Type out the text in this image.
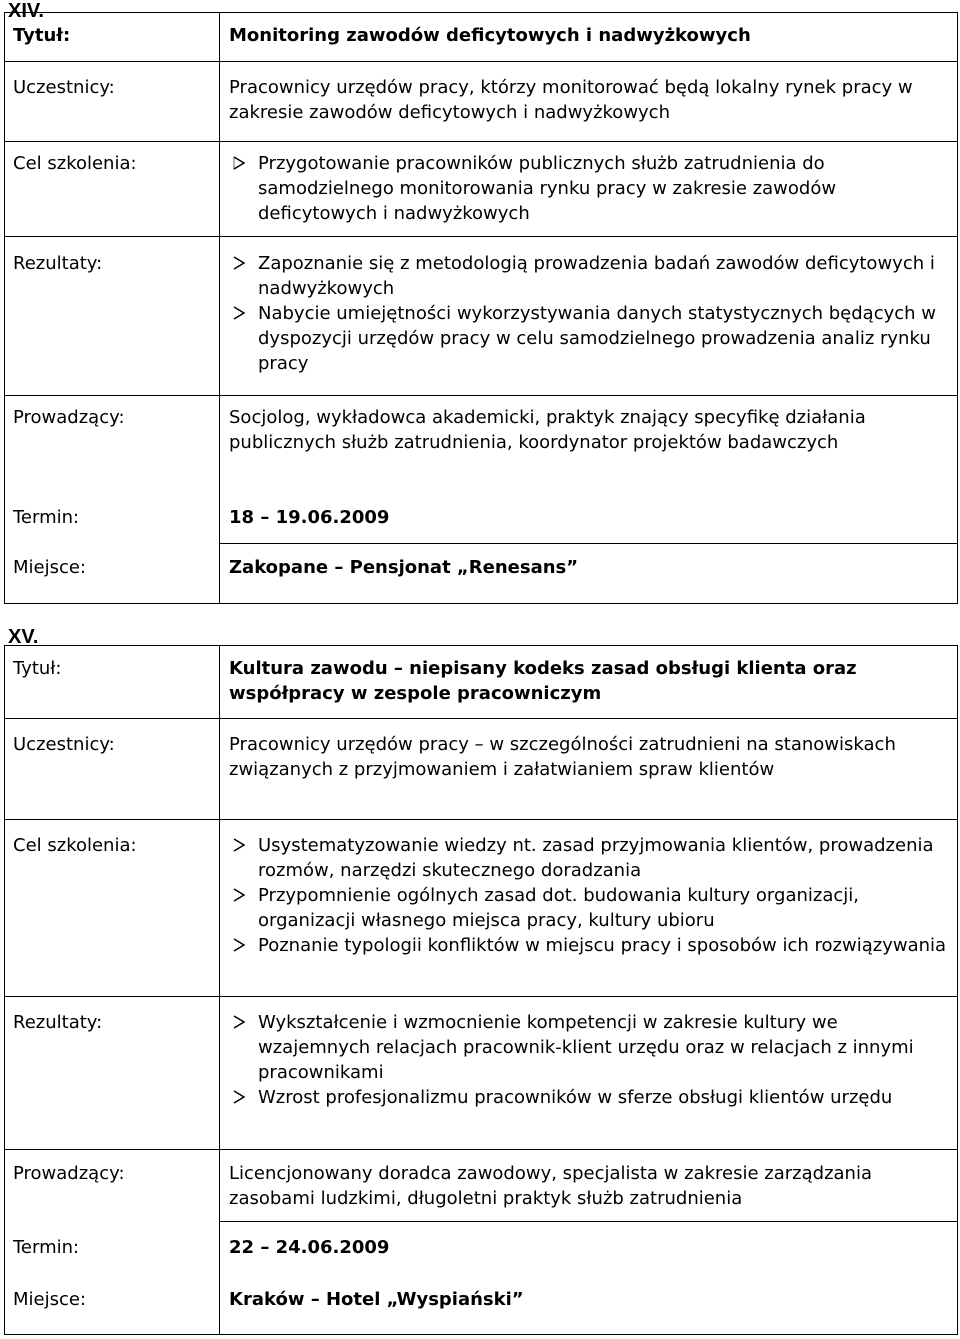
XIV.
Tytuł:	Monitoring zawodów deficytowych i nadwyżkowych
Uczestnicy:	Pracownicy urzędów pracy, którzy monitorować będą lokalny rynek pracy w zakresie zawodów deficytowych i nadwyżkowych
Cel szkolenia:	Przygotowanie pracowników publicznych służb zatrudnienia do samodzielnego monitorowania rynku pracy w zakresie zawodów deficytowych i nadwyżkowych
Rezultaty:	Zapoznanie się z metodologią prowadzenia badań zawodów deficytowych i nadwyżkowych
Nabycie umiejętności wykorzystywania danych statystycznych będących w dyspozycji urzędów pracy w celu samodzielnego prowadzenia analiz rynku pracy
Prowadzący:	Socjolog, wykładowca akademicki, praktyk znający specyfikę działania publicznych służb zatrudnienia, koordynator projektów badawczych
Termin:	18 – 19.06.2009
Miejsce:	Zakopane – Pensjonat „Renesans”
XV.
Tytuł:	Kultura zawodu – niepisany kodeks zasad obsługi klienta oraz współpracy w zespole pracowniczym
Uczestnicy:	Pracownicy urzędów pracy – w szczególności zatrudnieni na stanowiskach związanych z przyjmowaniem i załatwianiem spraw klientów
Cel szkolenia:	Usystematyzowanie wiedzy nt. zasad przyjmowania klientów, prowadzenia rozmów, narzędzi skutecznego doradzania
Przypomnienie ogólnych zasad dot. budowania kultury organizacji, organizacji własnego miejsca pracy, kultury ubioru
Poznanie typologii konfliktów w miejscu pracy i sposobów ich rozwiązywania
Rezultaty:	Wykształcenie i wzmocnienie kompetencji w zakresie kultury we wzajemnych relacjach pracownik-klient urzędu oraz w relacjach z innymi pracownikami
Wzrost profesjonalizmu pracowników w sferze obsługi klientów urzędu
Prowadzący:	Licencjonowany doradca zawodowy, specjalista w zakresie zarządzania zasobami ludzkimi, długoletni praktyk służb zatrudnienia
Termin:	22 – 24.06.2009
Miejsce:	Kraków – Hotel „Wyspiański”
